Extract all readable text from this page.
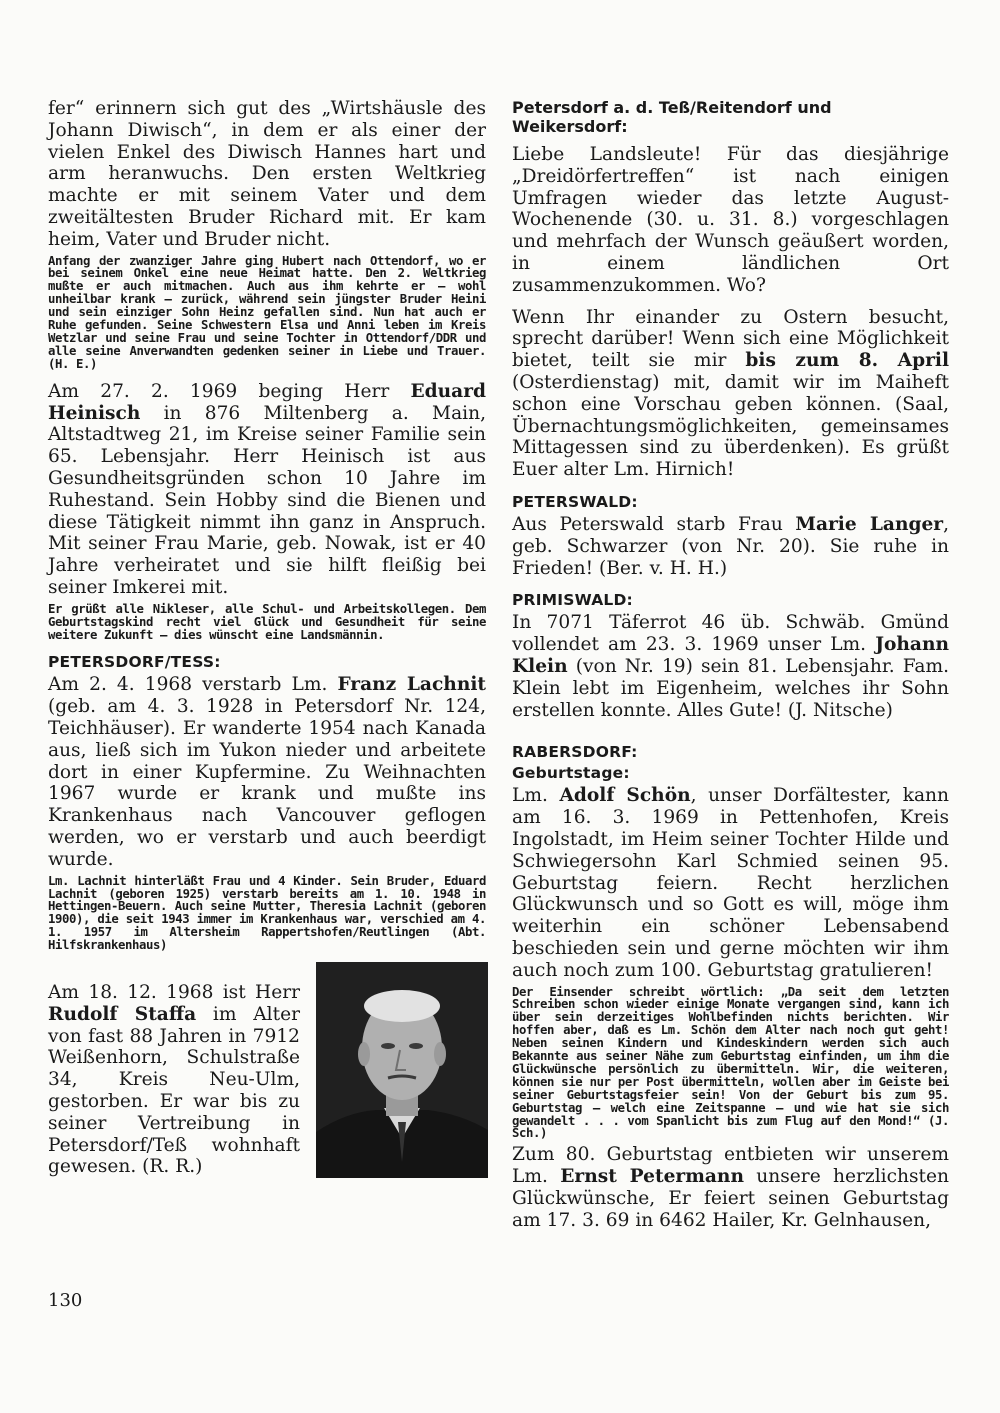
fer“ erinnern sich gut des „Wirtshäusle des Johann Diwisch“, in dem er als einer der vielen Enkel des Diwisch Hannes hart und arm heranwuchs. Den ersten Weltkrieg machte er mit seinem Vater und dem zweitältesten Bruder Richard mit. Er kam heim, Vater und Bruder nicht.

Anfang der zwanziger Jahre ging Hubert nach Ottendorf, wo er bei seinem Onkel eine neue Heimat hatte. Den 2. Weltkrieg mußte er auch mitmachen. Auch aus ihm kehrte er — wohl unheilbar krank — zurück, während sein jüngster Bruder Heini und sein einziger Sohn Heinz gefallen sind. Nun hat auch er Ruhe gefunden. Seine Schwestern Elsa und Anni leben im Kreis Wetzlar und seine Frau und seine Tochter in Ottendorf/DDR und alle seine Anverwandten gedenken seiner in Liebe und Trauer. (H. E.)

Am 27. 2. 1969 beging Herr Eduard Heinisch in 876 Miltenberg a. Main, Altstadtweg 21, im Kreise seiner Familie sein 65. Lebensjahr. Herr Heinisch ist aus Gesundheitsgründen schon 10 Jahre im Ruhestand. Sein Hobby sind die Bienen und diese Tätigkeit nimmt ihn ganz in Anspruch. Mit seiner Frau Marie, geb. Nowak, ist er 40 Jahre verheiratet und sie hilft fleißig bei seiner Imkerei mit.

Er grüßt alle Nikleser, alle Schul- und Arbeitskollegen. Dem Geburtstagskind recht viel Glück und Gesundheit für seine weitere Zukunft — dies wünscht eine Landsmännin.

PETERSDORF/TESS:

Am 2. 4. 1968 verstarb Lm. Franz Lachnit (geb. am 4. 3. 1928 in Petersdorf Nr. 124, Teichhäuser). Er wanderte 1954 nach Kanada aus, ließ sich im Yukon nieder und arbeitete dort in einer Kupfermine. Zu Weihnachten 1967 wurde er krank und mußte ins Krankenhaus nach Vancouver geflogen werden, wo er verstarb und auch beerdigt wurde.

Lm. Lachnit hinterläßt Frau und 4 Kinder. Sein Bruder, Eduard Lachnit (geboren 1925) verstarb bereits am 1. 10. 1948 in Hettingen-Beuern. Auch seine Mutter, Theresia Lachnit (geboren 1900), die seit 1943 immer im Krankenhaus war, verschied am 4. 1. 1957 im Altersheim Rappertshofen/Reutlingen (Abt. Hilfskrankenhaus)

Am 18. 12. 1968 ist Herr Rudolf Staffa im Alter von fast 88 Jahren in 7912 Weißenhorn, Schulstraße 34, Kreis Neu-Ulm, gestorben. Er war bis zu seiner Vertreibung in Petersdorf/Teß wohnhaft gewesen. (R. R.)

Petersdorf a. d. Teß/Reitendorf und Weikersdorf:

Liebe Landsleute! Für das diesjährige „Dreidörfertreffen“ ist nach einigen Umfragen wieder das letzte August-Wochenende (30. u. 31. 8.) vorgeschlagen und mehrfach der Wunsch geäußert worden, in einem ländlichen Ort zusammenzukommen. Wo?

Wenn Ihr einander zu Ostern besucht, sprecht darüber! Wenn sich eine Möglichkeit bietet, teilt sie mir bis zum 8. April (Osterdienstag) mit, damit wir im Maiheft schon eine Vorschau geben können. (Saal, Übernachtungsmöglichkeiten, gemeinsames Mittagessen sind zu überdenken). Es grüßt Euer alter Lm. Hirnich!

PETERSWALD:

Aus Peterswald starb Frau Marie Langer, geb. Schwarzer (von Nr. 20). Sie ruhe in Frieden! (Ber. v. H. H.)

PRIMISWALD:

In 7071 Täferrot 46 üb. Schwäb. Gmünd vollendet am 23. 3. 1969 unser Lm. Johann Klein (von Nr. 19) sein 81. Lebensjahr. Fam. Klein lebt im Eigenheim, welches ihr Sohn erstellen konnte. Alles Gute! (J. Nitsche)

RABERSDORF:
Geburtstage:

Lm. Adolf Schön, unser Dorfältester, kann am 16. 3. 1969 in Pettenhofen, Kreis Ingolstadt, im Heim seiner Tochter Hilde und Schwiegersohn Karl Schmied seinen 95. Geburtstag feiern. Recht herzlichen Glückwunsch und so Gott es will, möge ihm weiterhin ein schöner Lebensabend beschieden sein und gerne möchten wir ihm auch noch zum 100. Geburtstag gratulieren!

Der Einsender schreibt wörtlich: „Da seit dem letzten Schreiben schon wieder einige Monate vergangen sind, kann ich über sein derzeitiges Wohlbefinden nichts berichten. Wir hoffen aber, daß es Lm. Schön dem Alter nach noch gut geht! Neben seinen Kindern und Kindeskindern werden sich auch Bekannte aus seiner Nähe zum Geburtstag einfinden, um ihm die Glückwünsche persönlich zu übermitteln. Wir, die weiteren, können sie nur per Post übermitteln, wollen aber im Geiste bei seiner Geburtstagsfeier sein! Von der Geburt bis zum 95. Geburtstag — welch eine Zeitspanne — und wie hat sie sich gewandelt . . . vom Spanlicht bis zum Flug auf den Mond!“ (J. Sch.)

Zum 80. Geburtstag entbieten wir unserem Lm. Ernst Petermann unsere herzlichsten Glückwünsche, Er feiert seinen Geburtstag am 17. 3. 69 in 6462 Hailer, Kr. Gelnhausen,

130
